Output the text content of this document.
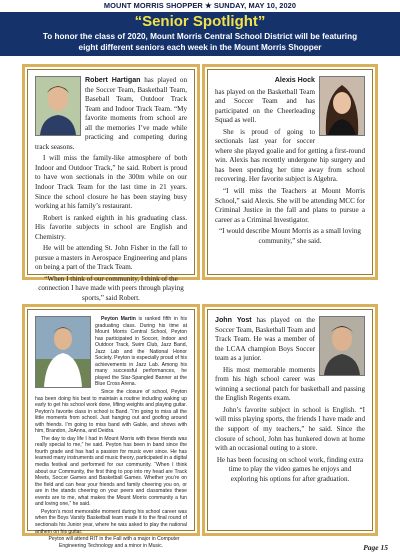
MOUNT MORRIS SHOPPER ★ SUNDAY, MAY 10, 2020
“Senior Spotlight”
To honor the class of 2020, Mount Morris Central School District will be featuring
eight different seniors each week in the Mount Morris Shopper

Robert Hartigan has played on the Soccer Team, Basketball Team, Baseball Team, Outdoor Track Team and Indoor Track Team. “My favorite moments from school are all the memories I’ve made while practicing and competing during track seasons.

I will miss the family-like atmosphere of both Indoor and Outdoor Track,” he said. Robert is proud to have won sectionals in the 300m while on our Indoor Track Team for the last time in 21 years. Since the school closure he has been staying busy working at his family’s restaurant.

Robert is ranked eighth in his graduating class. His favorite subjects in school are English and Chemistry.

He will be attending St. John Fisher in the fall to pursue a masters in Aerospace Engineering and plans on being a part of the Track Team.

“When I think of our community, I think of the connection I have made with peers through playing sports,” said Robert.

Alexis Hock

has played on the Basketball Team and Soccer Team and has participated on the Cheerleading Squad as well.

She is proud of going to sectionals last year for soccer where she played goalie and for getting a first-round win. Alexis has recently undergone hip surgery and has been spending her time away from school recovering. Her favorite subject is Algebra.

“I will miss the Teachers at Mount Morris School,” said Alexis. She will be attending MCC for Criminal Justice in the fall and plans to pursue a career as a Criminal Investigator.

“I would describe Mount Morris as a small loving community,” she said.

Peyton Martin is ranked fifth in his graduating class. During his time at Mount Morris Central School, Peyton has participated in Soccer, Indoor and Outdoor Track, Swim Club, Jazz Band, Jazz Lab and the National Honor Society. Peyton is especially proud of his achievements in Jazz Lab. Among his many successful performances, he played the Star-Spangled Banner at the Blue Cross Arena.

Since the closure of school, Peyton has been doing his best to maintain a routine including waking up early to get his school work done, lifting weights and playing guitar. Peyton’s favorite class in school is Band. “I’m going to miss all the little moments from school. Just hanging out and goofing around with friends. I’m going to miss band with Gable, and shows with him, Brandon, JoAnna, and Deidra.

The day to day life I had in Mount Morris with these friends was really special to me,” he said. Peyton has been in band since the fourth grade and has had a passion for music ever since. He has learned many instruments and music theory, participated in a digital media festival and performed for our community. “When I think about our Community, the first thing to pop into my head are Track Meets, Soccer Games and Basketball Games. Whether you’re on the field and can hear your friends and family cheering you on, or are in the stands cheering on your peers and classmates these events are to me, what makes the Mount Morris community a fun and loving one,” he said.

Peyton’s most memorable moment during his school career was when the Boys Varsity Basketball team made it to the final round of sectionals his Junior year, where he was asked to play the national anthem on his guitar.

Peyton will attend RIT in the Fall with a major in Computer Engineering Technology and a minor in Music.

John Yost has played on the Soccer Team, Basketball Team and Track Team. He was a member of the LCAA champion Boys Soccer team as a junior.

His most memorable moments from his high school career was winning a sectional patch for basketball and passing the English Regents exam.

John’s favorite subject in school is English. “I will miss playing sports, the friends I have made and the support of my teachers,” he said. Since the closure of school, John has hunkered down at home with an occasional outing to a store.

He has been focusing on school work, finding extra time to play the video games he enjoys and exploring his options for after graduation.

Page 15
